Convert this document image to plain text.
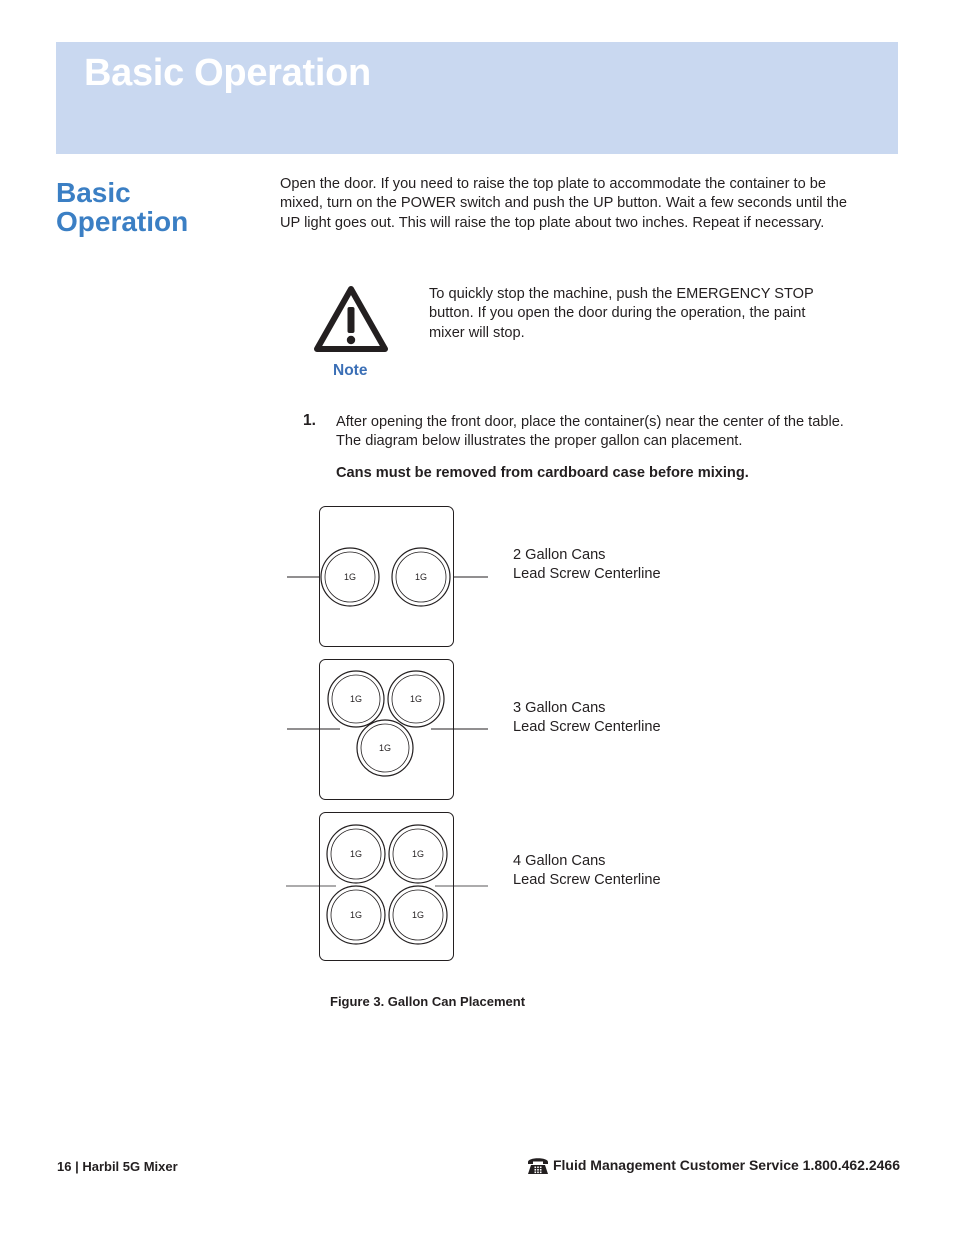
Basic Operation
Basic
Operation

Open the door. If you need to raise the top plate to accommodate the container to be mixed, turn on the POWER switch and push the UP button. Wait a few seconds until the UP light goes out. This will raise the top plate about two inches. Repeat if necessary.

Note

To quickly stop the machine, push the EMERGENCY STOP button. If you open the door during the operation, the paint mixer will stop.

1. After opening the front door, place the container(s) near the center of the table. The diagram below illustrates the proper gallon can placement.

Cans must be removed from cardboard case before mixing.

1G	1G
1G	1G
1G
1G	1G
1G	1G

2 Gallon Cans
Lead Screw Centerline

3 Gallon Cans
Lead Screw Centerline

4 Gallon Cans
Lead Screw Centerline

Figure 3. Gallon Can Placement

16 | Harbil 5G Mixer	Fluid Management Customer Service 1.800.462.2466
